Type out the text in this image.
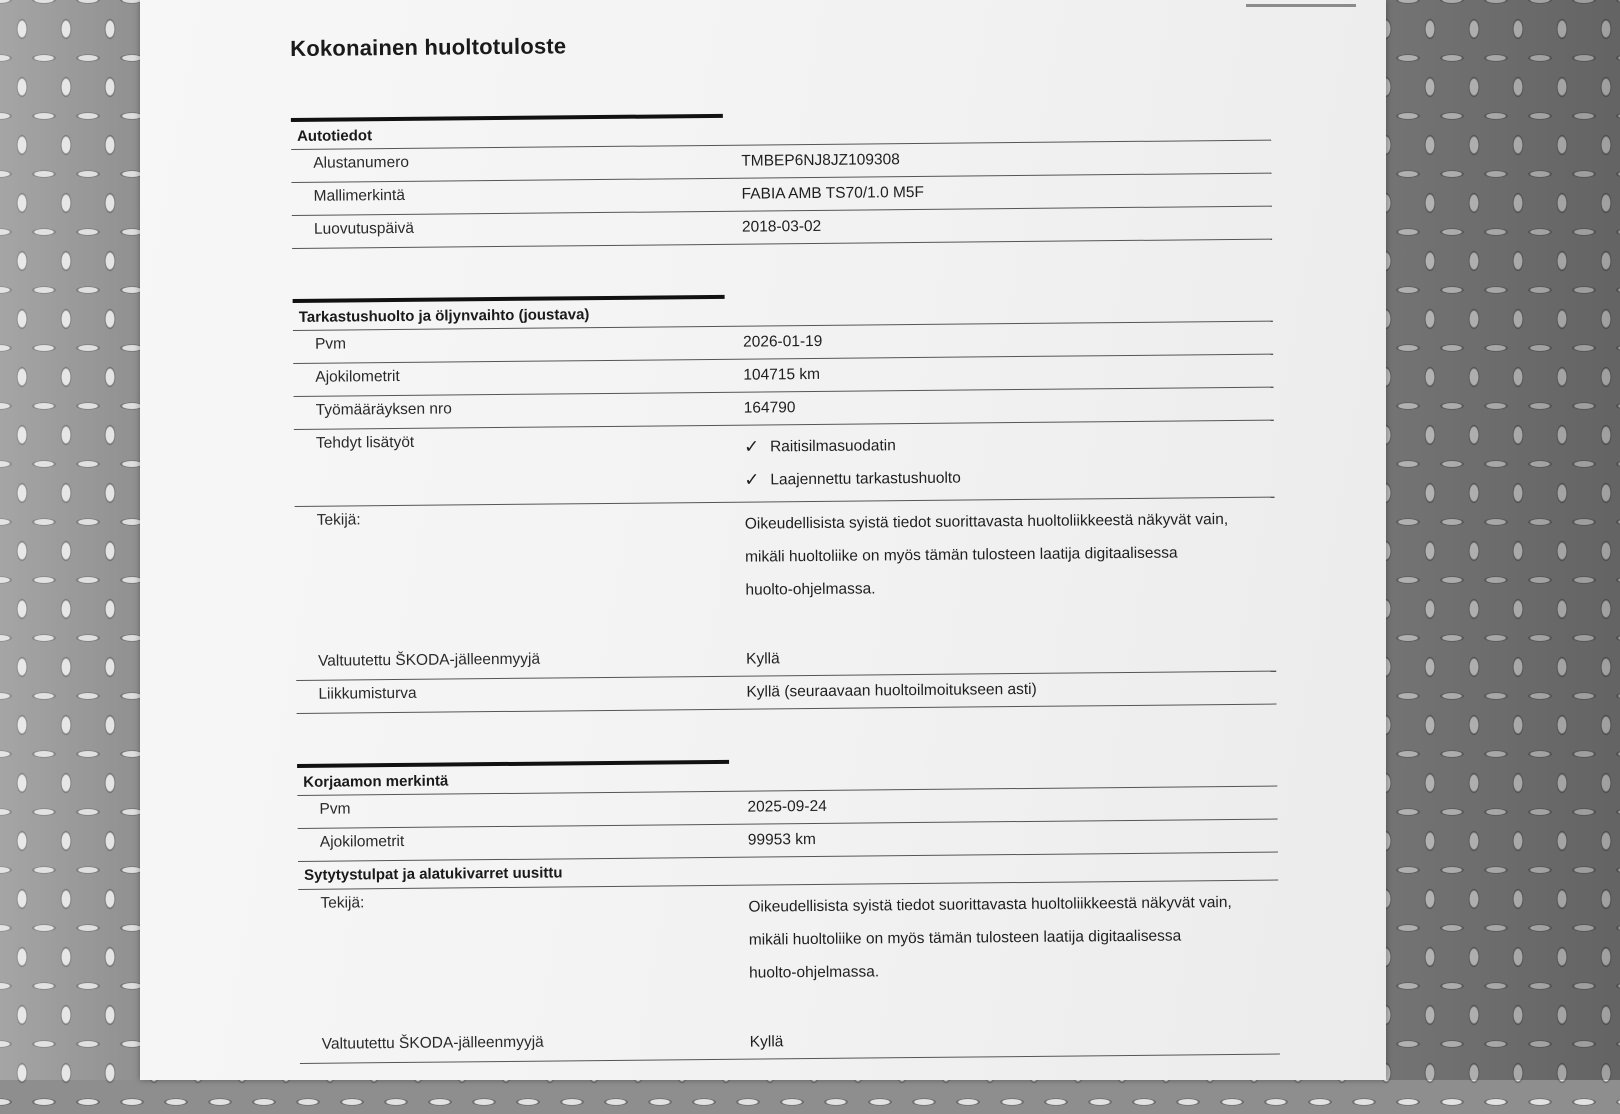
Kokonainen huoltotuloste
Autotiedot
Alustanumero	TMBEP6NJ8JZ109308
Mallimerkintä	FABIA AMB TS70/1.0 M5F
Luovutuspäivä	2018-03-02
Tarkastushuolto ja öljynvaihto (joustava)
Pvm	2026-01-19
Ajokilometrit	104715 km
Työmääräyksen nro	164790
Tehdyt lisätyöt	✓ Raitisilmasuodatin
✓ Laajennettu tarkastushuolto
Tekijä:	Oikeudellisista syistä tiedot suorittavasta huoltoliikkeestä näkyvät vain,
mikäli huoltoliike on myös tämän tulosteen laatija digitaalisessa
huolto-ohjelmassa.
Valtuutettu ŠKODA-jälleenmyyjä	Kyllä
Liikkumisturva	Kyllä (seuraavaan huoltoilmoitukseen asti)
Korjaamon merkintä
Pvm	2025-09-24
Ajokilometrit	99953 km
Sytytystulpat ja alatukivarret uusittu
Tekijä:	Oikeudellisista syistä tiedot suorittavasta huoltoliikkeestä näkyvät vain,
mikäli huoltoliike on myös tämän tulosteen laatija digitaalisessa
huolto-ohjelmassa.
Valtuutettu ŠKODA-jälleenmyyjä	Kyllä
